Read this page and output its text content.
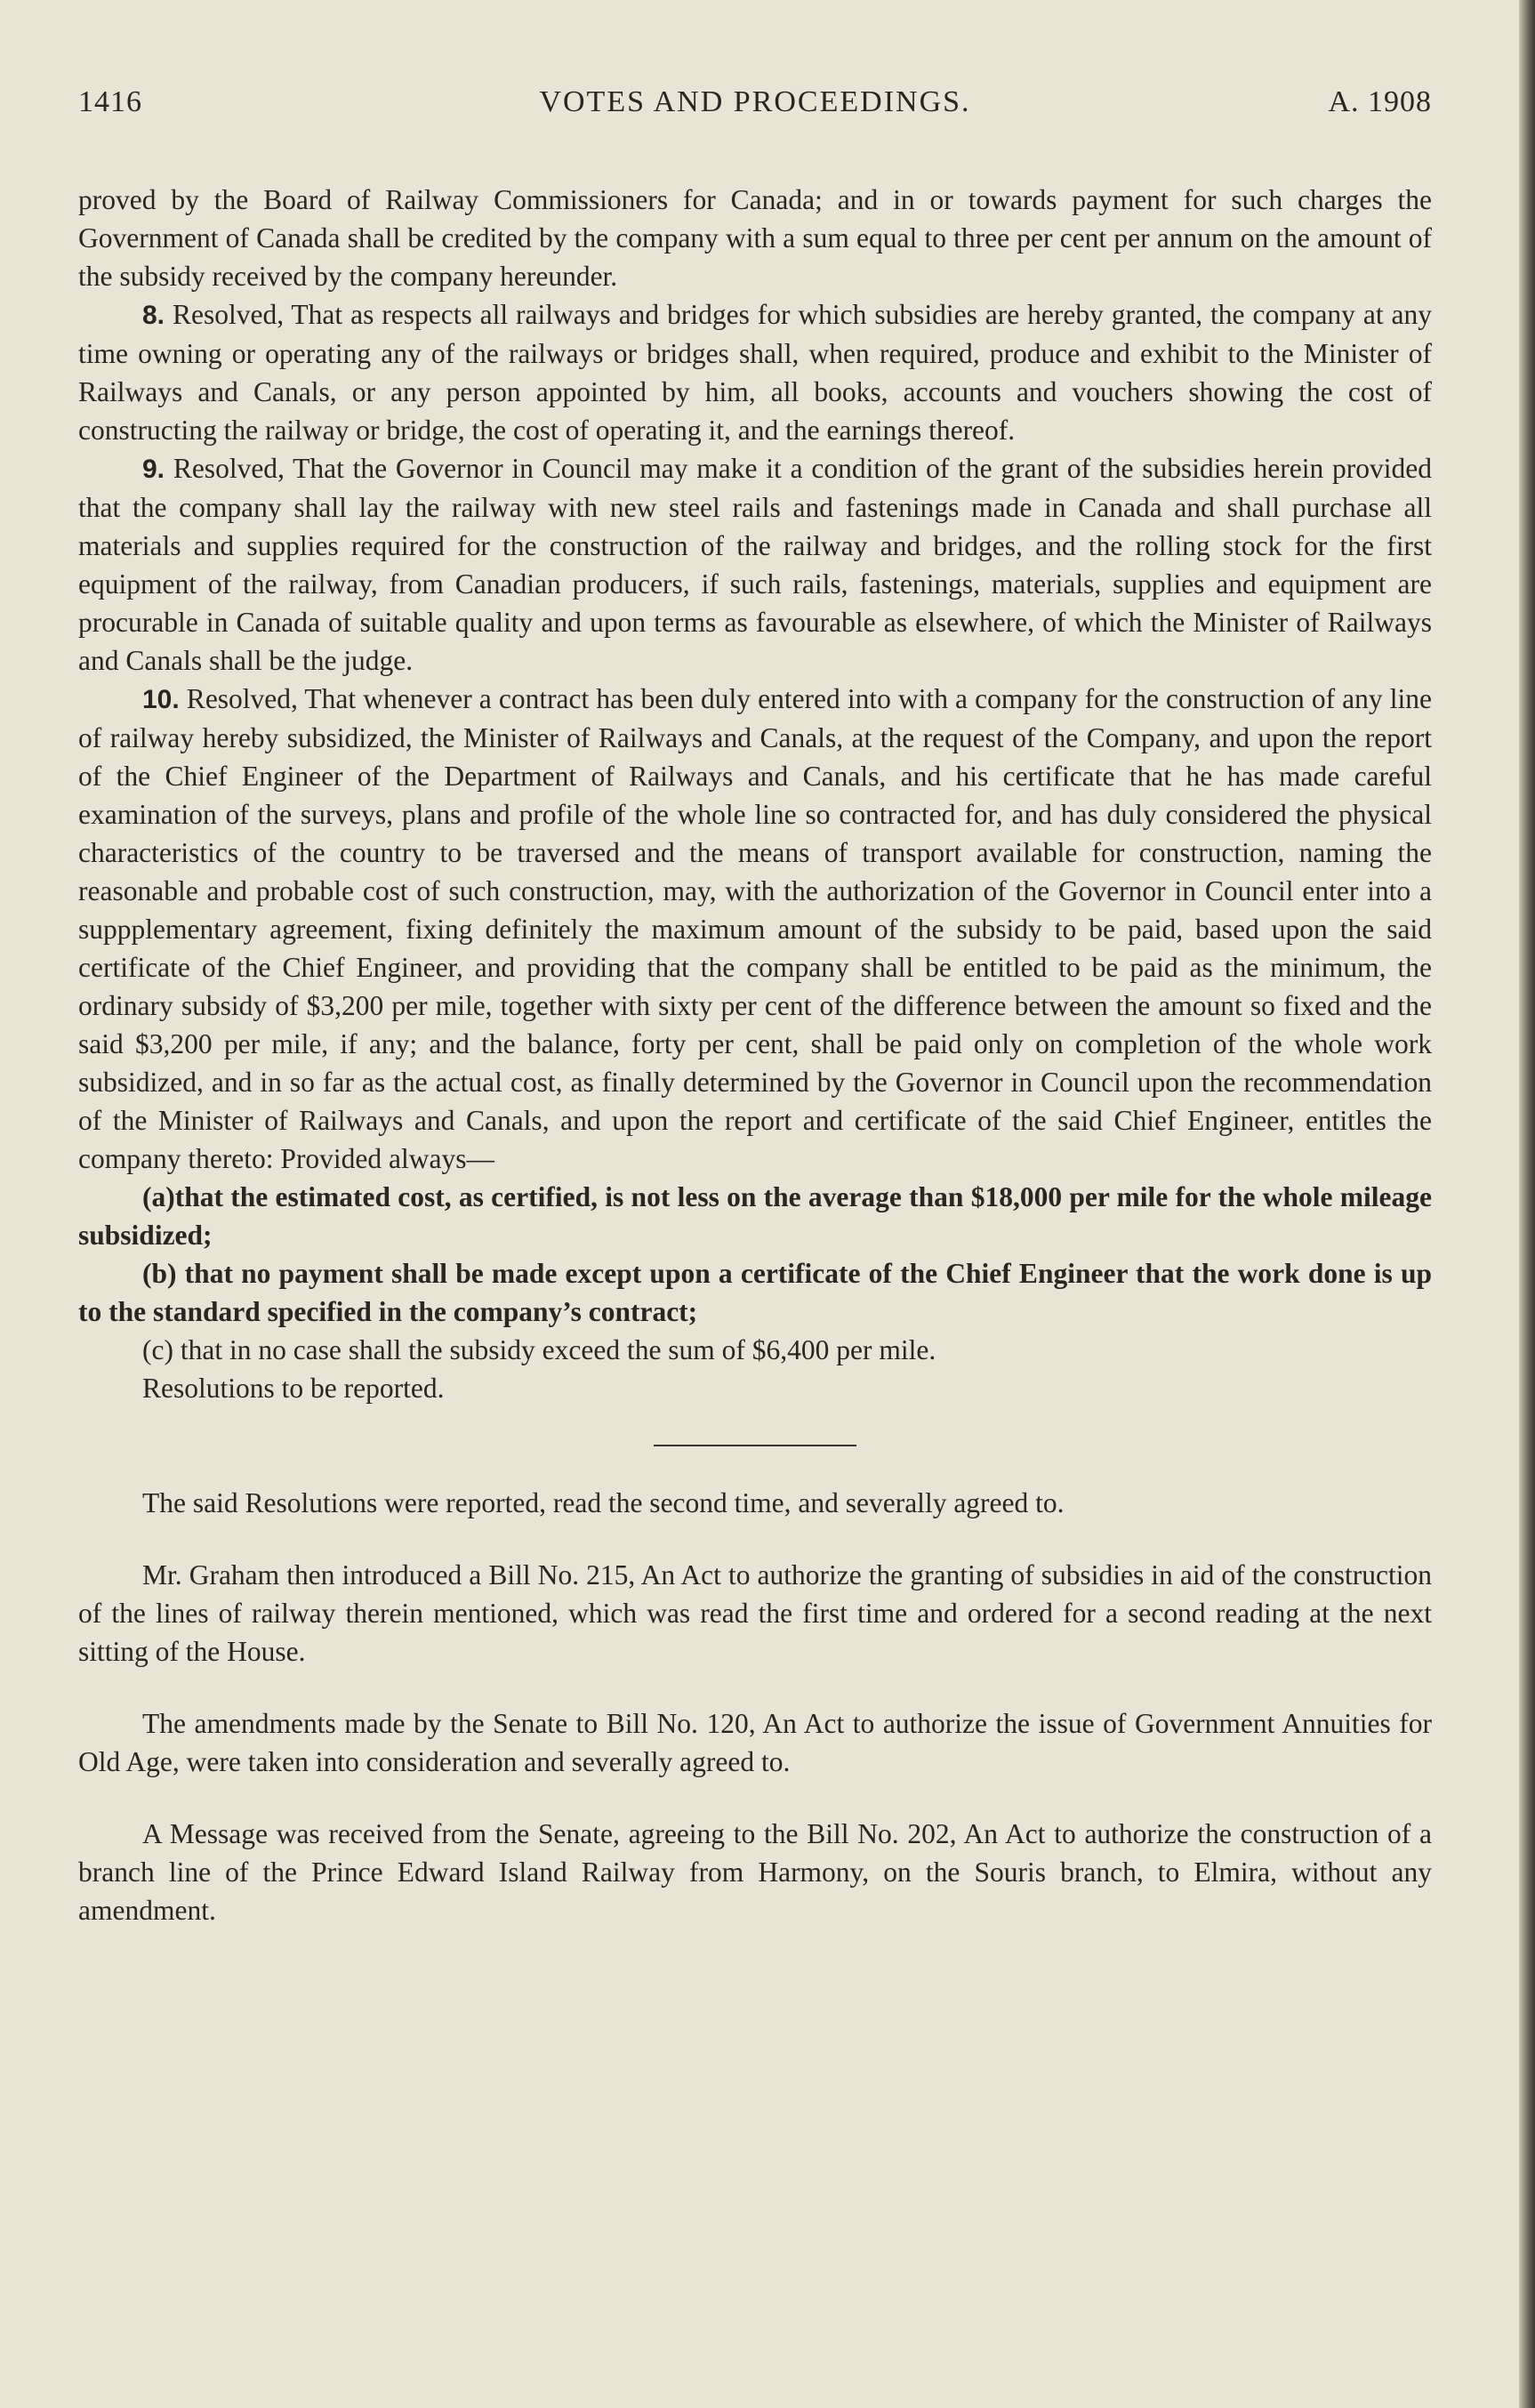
1416	VOTES AND PROCEEDINGS.	A. 1908

proved by the Board of Railway Commissioners for Canada; and in or towards payment for such charges the Government of Canada shall be credited by the company with a sum equal to three per cent per annum on the amount of the subsidy received by the company hereunder.

8. Resolved, That as respects all railways and bridges for which subsidies are hereby granted, the company at any time owning or operating any of the railways or bridges shall, when required, produce and exhibit to the Minister of Railways and Canals, or any person appointed by him, all books, accounts and vouchers showing the cost of constructing the railway or bridge, the cost of operating it, and the earnings thereof.

9. Resolved, That the Governor in Council may make it a condition of the grant of the subsidies herein provided that the company shall lay the railway with new steel rails and fastenings made in Canada and shall purchase all materials and supplies required for the construction of the railway and bridges, and the rolling stock for the first equipment of the railway, from Canadian producers, if such rails, fastenings, materials, supplies and equipment are procurable in Canada of suitable quality and upon terms as favourable as elsewhere, of which the Minister of Railways and Canals shall be the judge.

10. Resolved, That whenever a contract has been duly entered into with a company for the construction of any line of railway hereby subsidized, the Minister of Railways and Canals, at the request of the Company, and upon the report of the Chief Engineer of the Department of Railways and Canals, and his certificate that he has made careful examination of the surveys, plans and profile of the whole line so contracted for, and has duly considered the physical characteristics of the country to be traversed and the means of transport available for construction, naming the reasonable and probable cost of such construction, may, with the authorization of the Governor in Council enter into a suppplementary agreement, fixing definitely the maximum amount of the subsidy to be paid, based upon the said certificate of the Chief Engineer, and providing that the company shall be entitled to be paid as the minimum, the ordinary subsidy of $3,200 per mile, together with sixty per cent of the difference between the amount so fixed and the said $3,200 per mile, if any; and the balance, forty per cent, shall be paid only on completion of the whole work subsidized, and in so far as the actual cost, as finally determined by the Governor in Council upon the recommendation of the Minister of Railways and Canals, and upon the report and certificate of the said Chief Engineer, entitles the company thereto: Provided always—

(a)that the estimated cost, as certified, is not less on the average than $18,000 per mile for the whole mileage subsidized;

(b) that no payment shall be made except upon a certificate of the Chief Engineer that the work done is up to the standard specified in the company’s contract;

(c) that in no case shall the subsidy exceed the sum of $6,400 per mile.

Resolutions to be reported.

The said Resolutions were reported, read the second time, and severally agreed to.

Mr. Graham then introduced a Bill No. 215, An Act to authorize the granting of subsidies in aid of the construction of the lines of railway therein mentioned, which was read the first time and ordered for a second reading at the next sitting of the House.

The amendments made by the Senate to Bill No. 120, An Act to authorize the issue of Government Annuities for Old Age, were taken into consideration and severally agreed to.

A Message was received from the Senate, agreeing to the Bill No. 202, An Act to authorize the construction of a branch line of the Prince Edward Island Railway from Harmony, on the Souris branch, to Elmira, without any amendment.
